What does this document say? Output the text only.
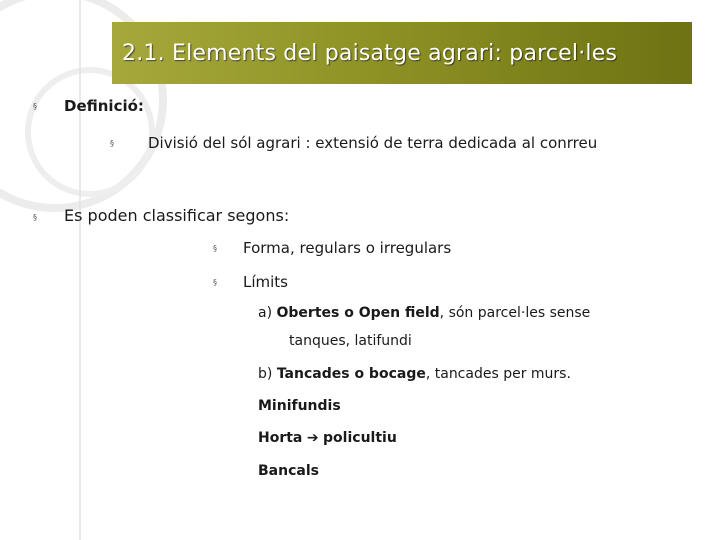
2.1. Elements del paisatge agrari: parcel·les
§ Definició:
§ Divisió del sól agrari : extensió de terra dedicada al conrreu
§ Es poden classificar segons:
§ Forma, regulars o irregulars
§ Límits
a) Obertes o Open field, són parcel·les sense
tanques, latifundi
b) Tancades o bocage, tancades per murs.
Minifundis
Horta ➔ policultiu
Bancals
